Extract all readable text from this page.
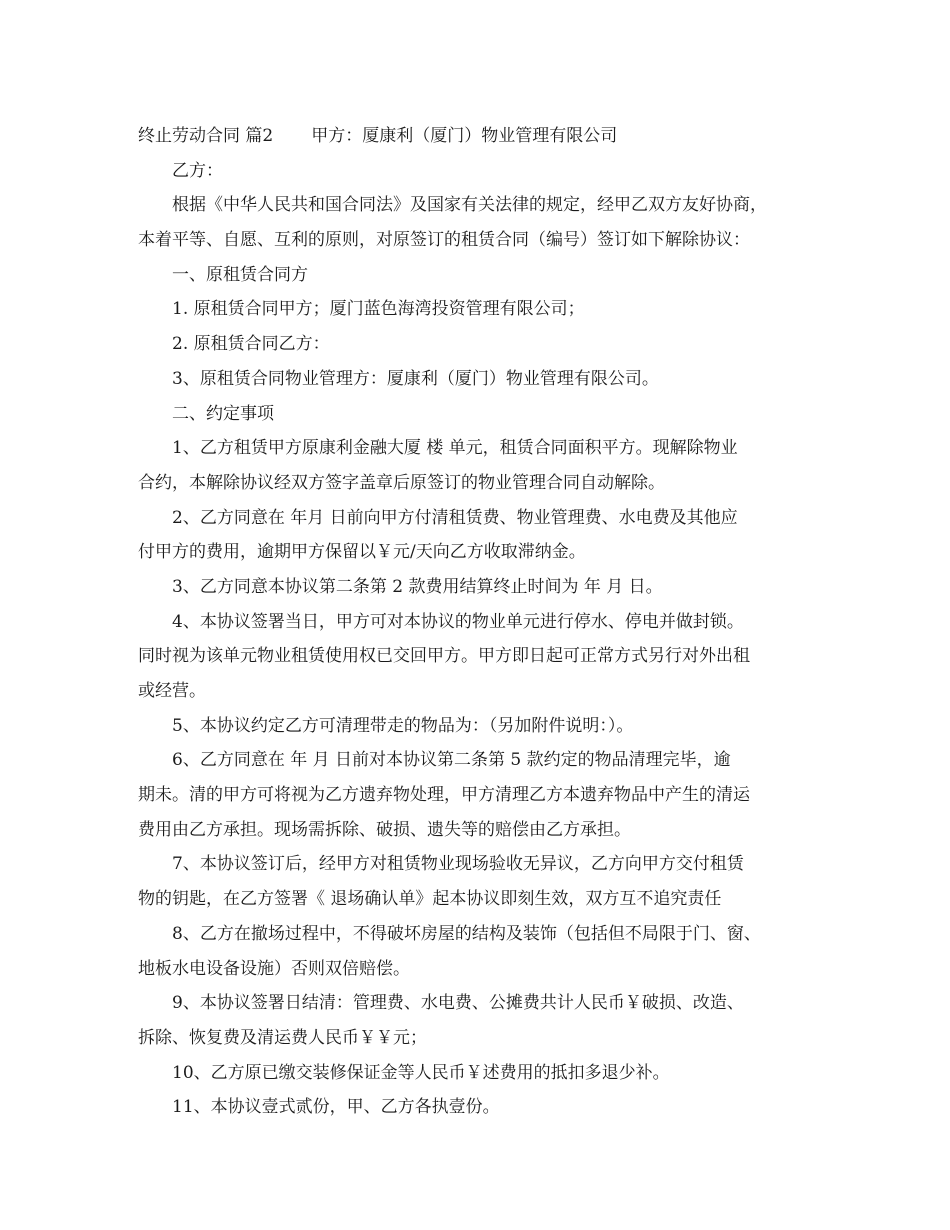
终止劳动合同 篇2 甲方：厦康利（厦门）物业管理有限公司
乙方：
根据《中华人民共和国合同法》及国家有关法律的规定，经甲乙双方友好协商，
本着平等、自愿、互利的原则，对原签订的租赁合同（编号）签订如下解除协议：
一、原租赁合同方
1. 原租赁合同甲方；厦门蓝色海湾投资管理有限公司；
2. 原租赁合同乙方：
3、原租赁合同物业管理方：厦康利（厦门）物业管理有限公司。
二、约定事项
1、乙方租赁甲方原康利金融大厦 楼 单元，租赁合同面积平方。现解除物业
合约，本解除协议经双方签字盖章后原签订的物业管理合同自动解除。
2、乙方同意在 年月 日前向甲方付清租赁费、物业管理费、水电费及其他应
付甲方的费用，逾期甲方保留以￥元/天向乙方收取滞纳金。
3、乙方同意本协议第二条第 2 款费用结算终止时间为 年 月 日。
4、本协议签署当日，甲方可对本协议的物业单元进行停水、停电并做封锁。
同时视为该单元物业租赁使用权已交回甲方。甲方即日起可正常方式另行对外出租
或经营。
5、本协议约定乙方可清理带走的物品为：（另加附件说明：）。
6、乙方同意在 年 月 日前对本协议第二条第 5 款约定的物品清理完毕，逾
期未。清的甲方可将视为乙方遗弃物处理，甲方清理乙方本遗弃物品中产生的清运
费用由乙方承担。现场需拆除、破损、遗失等的赔偿由乙方承担。
7、本协议签订后，经甲方对租赁物业现场验收无异议，乙方向甲方交付租赁
物的钥匙，在乙方签署《 退场确认单》起本协议即刻生效，双方互不追究责任
8、乙方在撤场过程中，不得破坏房屋的结构及装饰（包括但不局限于门、窗、
地板水电设备设施）否则双倍赔偿。
9、本协议签署日结清：管理费、水电费、公摊费共计人民币￥破损、改造、
拆除、恢复费及清运费人民币￥￥元；
10、乙方原已缴交装修保证金等人民币￥述费用的抵扣多退少补。
11、本协议壹式贰份，甲、乙方各执壹份。
